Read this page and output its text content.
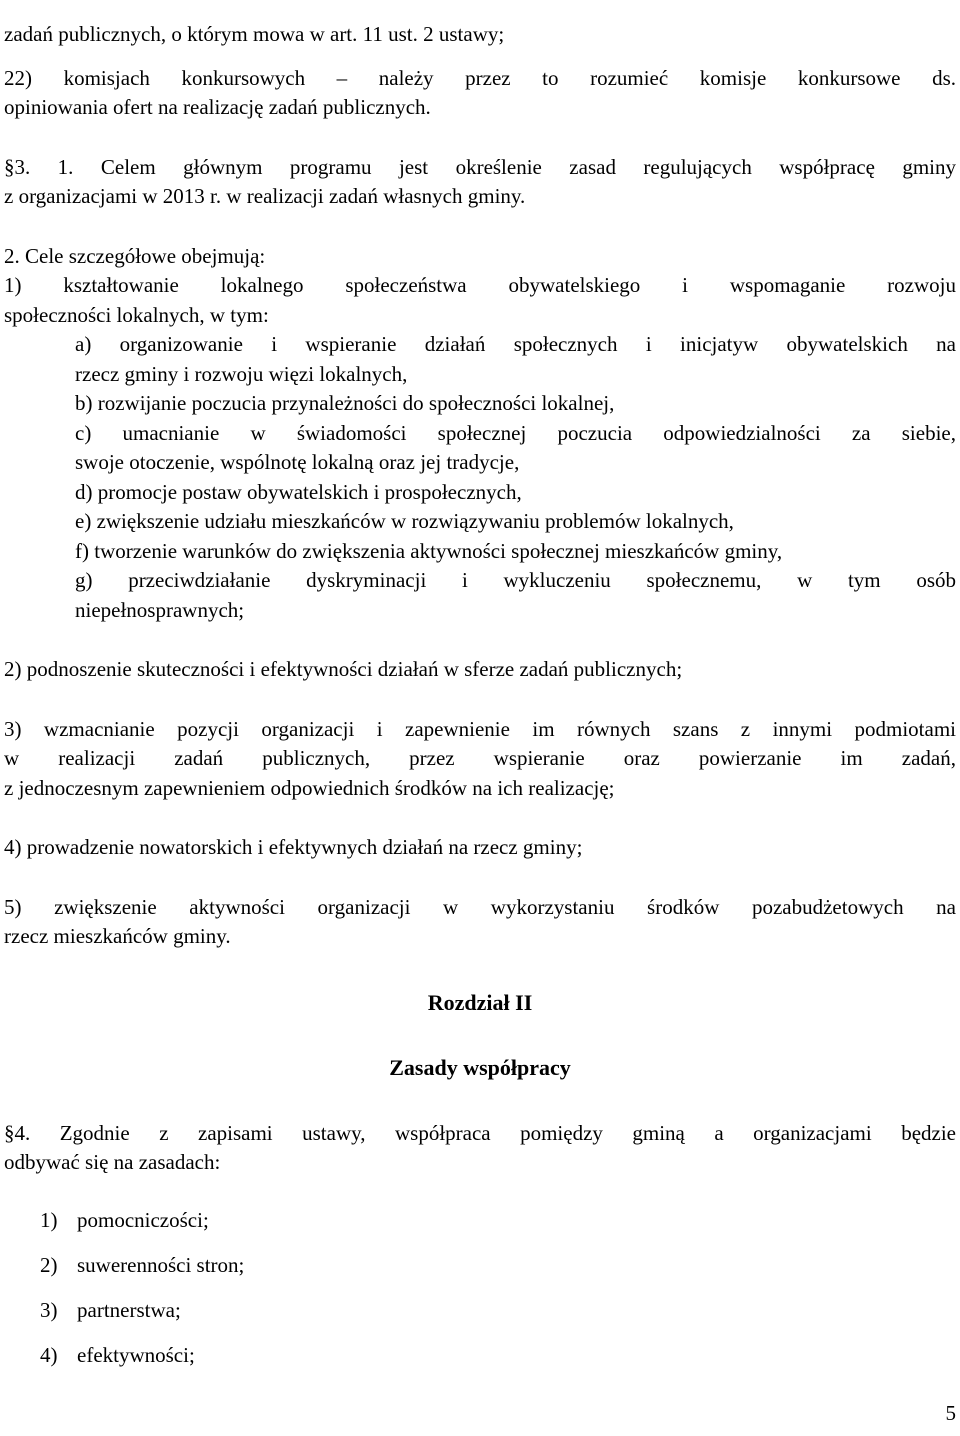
zadań publicznych, o którym mowa w art. 11 ust. 2 ustawy;

22) komisjach konkursowych – należy przez to rozumieć komisje konkursowe ds.

opiniowania ofert na realizację zadań publicznych.

§3. 1. Celem głównym programu jest określenie zasad regulujących współpracę gminy

z organizacjami w 2013 r. w realizacji zadań własnych gminy.

2. Cele szczegółowe obejmują:

1) kształtowanie lokalnego społeczeństwa obywatelskiego i wspomaganie rozwoju

społeczności lokalnych, w tym:

a) organizowanie i wspieranie działań społecznych i inicjatyw obywatelskich na

rzecz gminy i rozwoju więzi lokalnych,

b) rozwijanie poczucia przynależności do społeczności lokalnej,

c) umacnianie w świadomości społecznej poczucia odpowiedzialności za siebie,

swoje otoczenie, wspólnotę lokalną oraz jej tradycje,

d) promocje postaw obywatelskich i prospołecznych,

e) zwiększenie udziału mieszkańców w rozwiązywaniu problemów lokalnych,

f) tworzenie warunków do zwiększenia aktywności społecznej mieszkańców gminy,

g) przeciwdziałanie dyskryminacji i wykluczeniu społecznemu, w tym osób

niepełnosprawnych;

2) podnoszenie skuteczności i efektywności działań w sferze zadań publicznych;

3) wzmacnianie pozycji organizacji i zapewnienie im równych szans z innymi podmiotami

w realizacji zadań publicznych, przez wspieranie oraz powierzanie im zadań,

z jednoczesnym zapewnieniem odpowiednich środków na ich realizację;

4) prowadzenie nowatorskich i efektywnych działań na rzecz gminy;

5) zwiększenie aktywności organizacji w wykorzystaniu środków pozabudżetowych na

rzecz mieszkańców gminy.

Rozdział II

Zasady współpracy

§4. Zgodnie z zapisami ustawy, współpraca pomiędzy gminą a organizacjami będzie

odbywać się na zasadach:

1) pomocniczości;
2) suwerenności stron;
3) partnerstwa;
4) efektywności;
5
